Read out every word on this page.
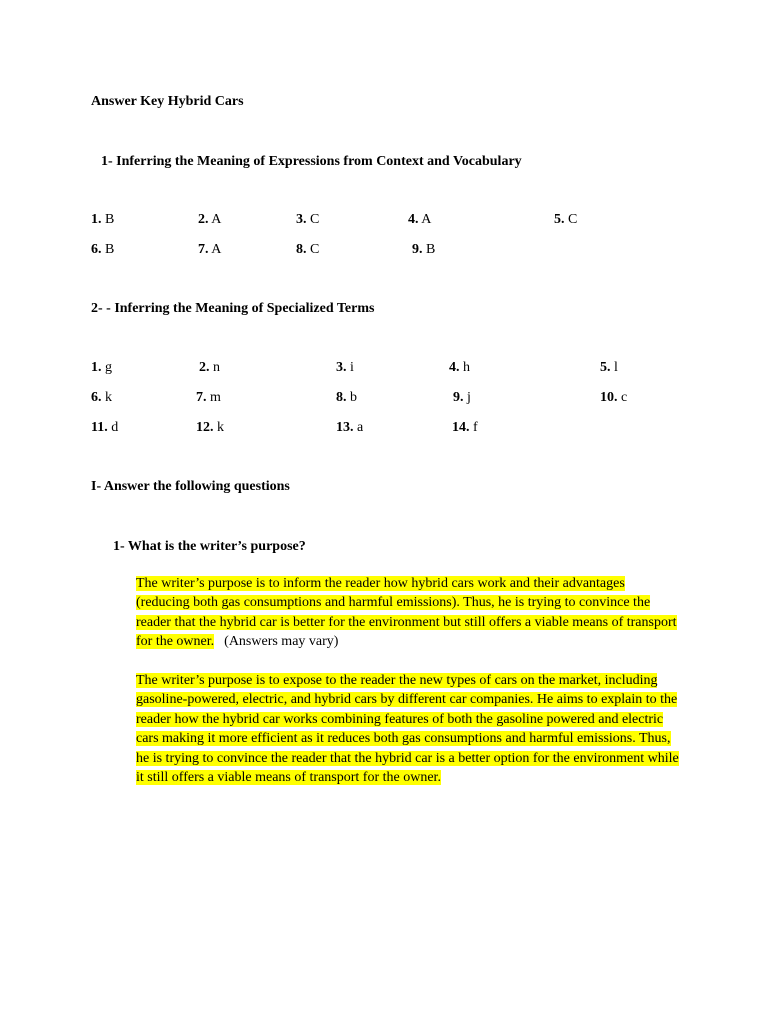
Answer Key Hybrid Cars
1- Inferring the Meaning of Expressions from Context and Vocabulary
1. B	2. A	3. C	4. A	5. C
6. B	7. A	8. C	9. B
2- - Inferring the Meaning of Specialized Terms
1. g	2. n	3. i	4. h	5. l
6. k	7. m	8. b	9. j	10. c
11. d	12. k	13. a	14. f
I- Answer the following questions
1- What is the writer’s purpose?
The writer’s purpose is to inform the reader how hybrid cars work and their advantages (reducing both gas consumptions and harmful emissions). Thus, he is trying to convince the reader that the hybrid car is better for the environment but still offers a viable means of transport for the owner. (Answers may vary)
The writer’s purpose is to expose to the reader the new types of cars on the market, including gasoline-powered, electric, and hybrid cars by different car companies. He aims to explain to the reader how the hybrid car works combining features of both the gasoline powered and electric cars making it more efficient as it reduces both gas consumptions and harmful emissions. Thus, he is trying to convince the reader that the hybrid car is a better option for the environment while it still offers a viable means of transport for the owner.
